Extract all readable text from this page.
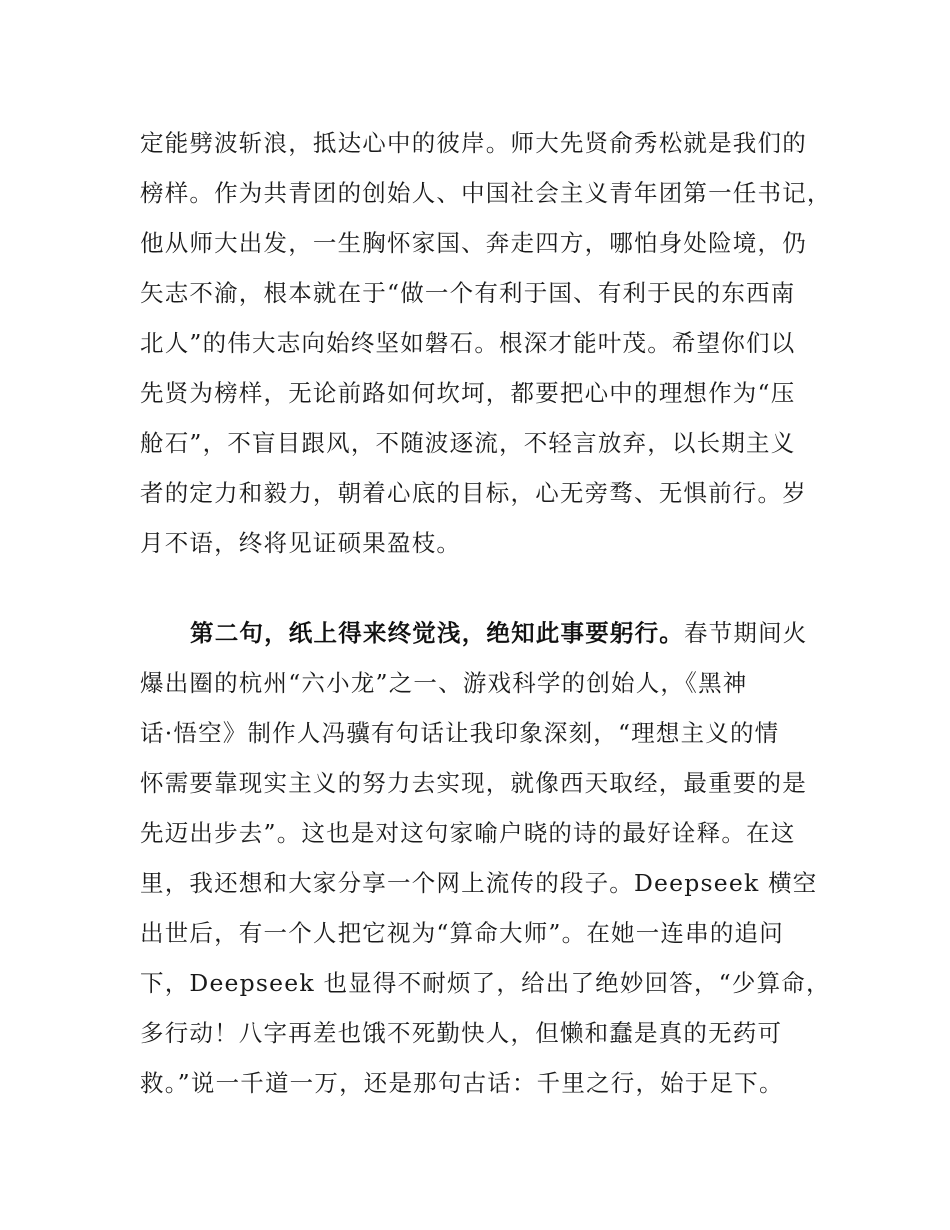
定能劈波斩浪，抵达心中的彼岸。师大先贤俞秀松就是我们的
榜样。作为共青团的创始人、中国社会主义青年团第一任书记，
他从师大出发，一生胸怀家国、奔走四方，哪怕身处险境，仍
矢志不渝，根本就在于“做一个有利于国、有利于民的东西南
北人”的伟大志向始终坚如磐石。根深才能叶茂。希望你们以
先贤为榜样，无论前路如何坎坷，都要把心中的理想作为“压
舱石”，不盲目跟风，不随波逐流，不轻言放弃，以长期主义
者的定力和毅力，朝着心底的目标，心无旁骛、无惧前行。岁
月不语，终将见证硕果盈枝。
第二句，纸上得来终觉浅，绝知此事要躬行。春节期间火
爆出圈的杭州“六小龙”之一、游戏科学的创始人，《黑神
话·悟空》制作人冯骥有句话让我印象深刻，“理想主义的情
怀需要靠现实主义的努力去实现，就像西天取经，最重要的是
先迈出步去”。这也是对这句家喻户晓的诗的最好诠释。在这
里，我还想和大家分享一个网上流传的段子。Deepseek 横空
出世后，有一个人把它视为“算命大师”。在她一连串的追问
下，Deepseek 也显得不耐烦了，给出了绝妙回答，“少算命，
多行动！八字再差也饿不死勤快人，但懒和蠢是真的无药可
救。”说一千道一万，还是那句古话：千里之行，始于足下。
